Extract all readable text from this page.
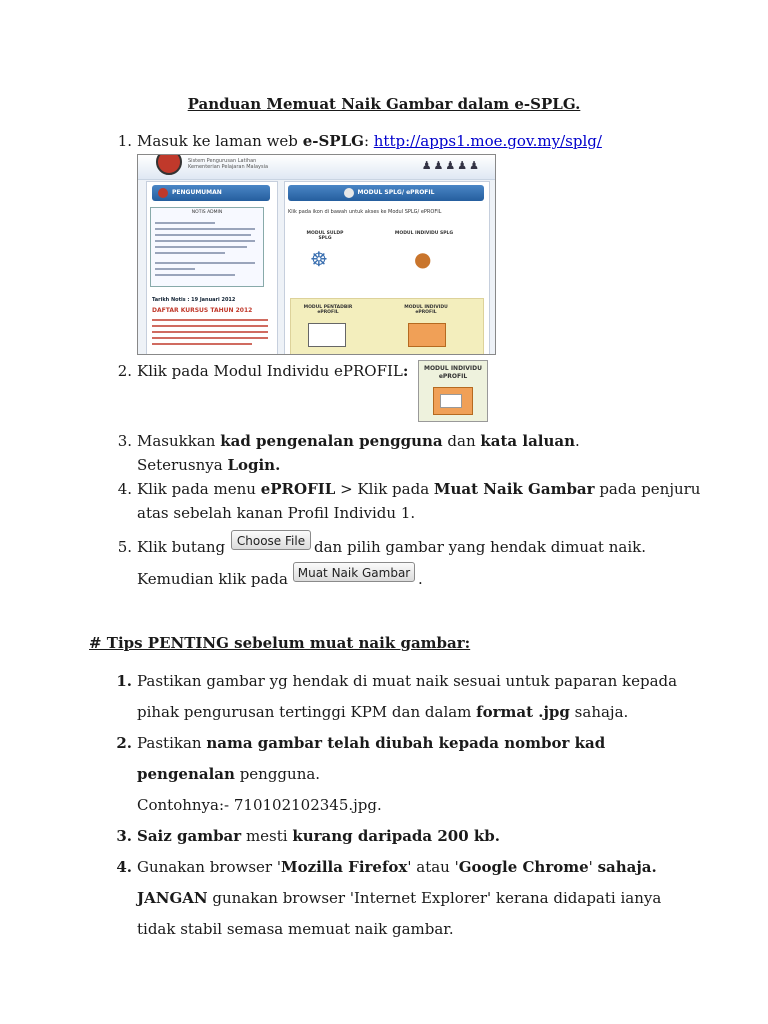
Panduan Memuat Naik Gambar dalam e-SPLG.
1. Masuk ke laman web e-SPLG: http://apps1.moe.gov.my/splg/
Sistem Pengurusan Latihan
Kementerian Pelajaran Malaysia	♟♟♟♟♟
PENGUMUMAN
NOTIS ADMIN
Tarikh Notis : 19 Januari 2012
DAFTAR KURSUS TAHUN 2012
MODUL SPLG/ ePROFIL
Klik pada ikon di bawah untuk akses ke Modul SPLG/ ePROFIL
MODUL SULDP SPLG
☸
MODUL INDIVIDU SPLG
●
MODUL PENTADBIR ePROFIL
MODUL INDIVIDU ePROFIL
2. Klik pada Modul Individu ePROFIL:	MODUL INDIVIDU
ePROFIL
3. Masukkan kad pengenalan pengguna dan kata laluan.
Seterusnya Login.
4. Klik pada menu ePROFIL > Klik pada Muat Naik Gambar pada penjuru
atas sebelah kanan Profil Individu 1.
5. Klik butang Choose File dan pilih gambar yang hendak dimuat naik.
Kemudian klik pada Muat Naik Gambar .
# Tips PENTING sebelum muat naik gambar:
1. Pastikan gambar yg hendak di muat naik sesuai untuk paparan kepada
pihak pengurusan tertinggi KPM dan dalam format .jpg sahaja.
2. Pastikan nama gambar telah diubah kepada nombor kad
pengenalan pengguna.
Contohnya:- 710102102345.jpg.
3. Saiz gambar mesti kurang daripada 200 kb.
4. Gunakan browser 'Mozilla Firefox' atau 'Google Chrome' sahaja.
JANGAN gunakan browser 'Internet Explorer' kerana didapati ianya
tidak stabil semasa memuat naik gambar.
